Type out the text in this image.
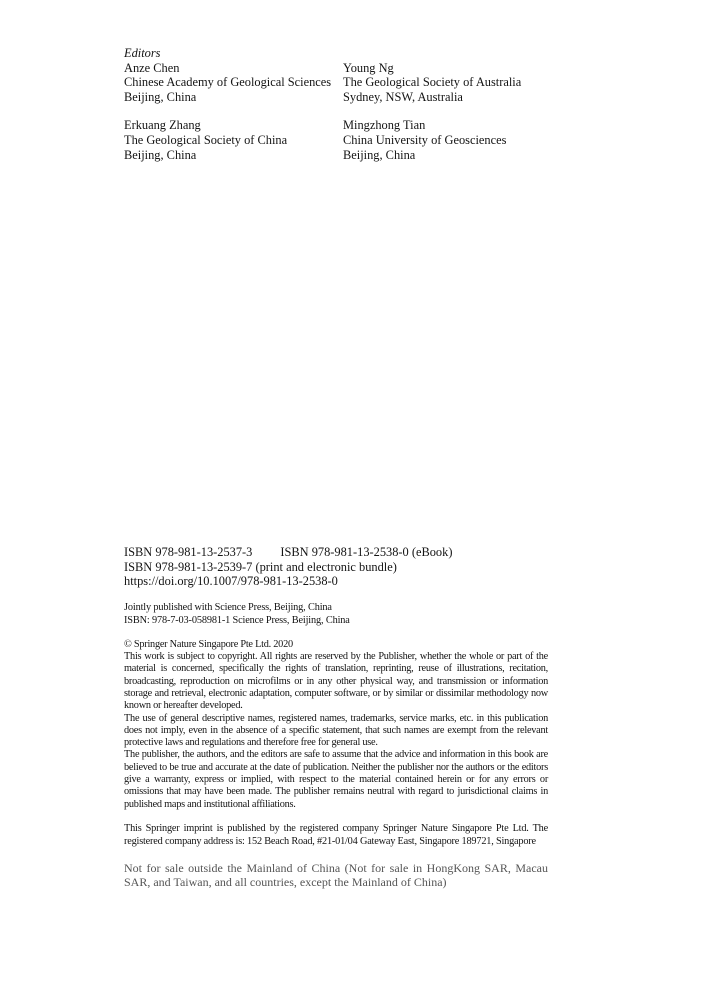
Editors
Anze Chen
Chinese Academy of Geological Sciences
Beijing, China
Young Ng
The Geological Society of Australia
Sydney, NSW, Australia
Erkuang Zhang
The Geological Society of China
Beijing, China
Mingzhong Tian
China University of Geosciences
Beijing, China
ISBN 978-981-13-2537-3 ISBN 978-981-13-2538-0 (eBook)
ISBN 978-981-13-2539-7 (print and electronic bundle)
https://doi.org/10.1007/978-981-13-2538-0
Jointly published with Science Press, Beijing, China
ISBN: 978-7-03-058981-1 Science Press, Beijing, China

© Springer Nature Singapore Pte Ltd. 2020

This work is subject to copyright. All rights are reserved by the Publisher, whether the whole or part of the material is concerned, specifically the rights of translation, reprinting, reuse of illustrations, recitation, broadcasting, reproduction on microfilms or in any other physical way, and transmission or information storage and retrieval, electronic adaptation, computer software, or by similar or dissimilar methodology now known or hereafter developed.

The use of general descriptive names, registered names, trademarks, service marks, etc. in this publication does not imply, even in the absence of a specific statement, that such names are exempt from the relevant protective laws and regulations and therefore free for general use.

The publisher, the authors, and the editors are safe to assume that the advice and information in this book are believed to be true and accurate at the date of publication. Neither the publisher nor the authors or the editors give a warranty, express or implied, with respect to the material contained herein or for any errors or omissions that may have been made. The publisher remains neutral with regard to jurisdictional claims in published maps and institutional affiliations.

This Springer imprint is published by the registered company Springer Nature Singapore Pte Ltd. The registered company address is: 152 Beach Road, #21-01/04 Gateway East, Singapore 189721, Singapore

Not for sale outside the Mainland of China (Not for sale in HongKong SAR, Macau SAR, and Taiwan, and all countries, except the Mainland of China)
